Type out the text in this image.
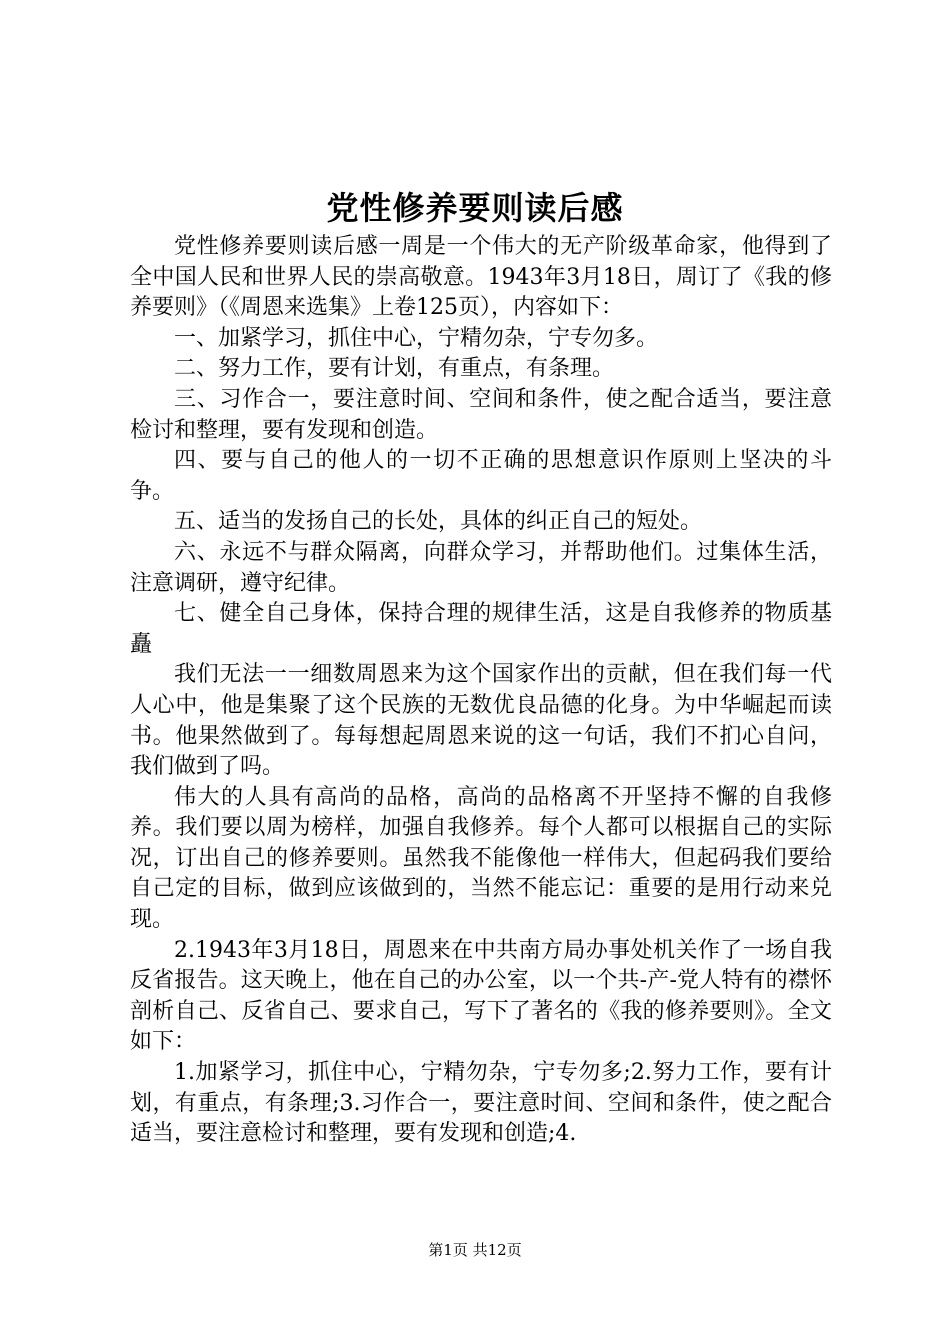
党性修养要则读后感

党性修养要则读后感一周是一个伟大的无产阶级革命家，他得到了全中国人民和世界人民的崇高敬意。1943年3月18日，周订了《我的修养要则》（《周恩来选集》上卷125页），内容如下：

一、加紧学习，抓住中心，宁精勿杂，宁专勿多。

二、努力工作，要有计划，有重点，有条理。

三、习作合一，要注意时间、空间和条件，使之配合适当，要注意检讨和整理，要有发现和创造。

四、要与自己的他人的一切不正确的思想意识作原则上坚决的斗争。

五、适当的发扬自己的长处，具体的纠正自己的短处。

六、永远不与群众隔离，向群众学习，并帮助他们。过集体生活，注意调研，遵守纪律。

七、健全自己身体，保持合理的规律生活，这是自我修养的物质基矗

我们无法一一细数周恩来为这个国家作出的贡献，但在我们每一代人心中，他是集聚了这个民族的无数优良品德的化身。为中华崛起而读书。他果然做到了。每每想起周恩来说的这一句话，我们不扪心自问，我们做到了吗。

伟大的人具有高尚的品格，高尚的品格离不开坚持不懈的自我修养。我们要以周为榜样，加强自我修养。每个人都可以根据自己的实际况，订出自己的修养要则。虽然我不能像他一样伟大，但起码我们要给自己定的目标，做到应该做到的，当然不能忘记：重要的是用行动来兑现。

2.1943年3月18日，周恩来在中共南方局办事处机关作了一场自我反省报告。这天晚上，他在自己的办公室，以一个共-产-党人特有的襟怀剖析自己、反省自己、要求自己，写下了著名的《我的修养要则》。全文如下：

1.加紧学习，抓住中心，宁精勿杂，宁专勿多;2.努力工作，要有计划，有重点，有条理;3.习作合一，要注意时间、空间和条件，使之配合适当，要注意检讨和整理，要有发现和创造;4.

第1页 共12页
